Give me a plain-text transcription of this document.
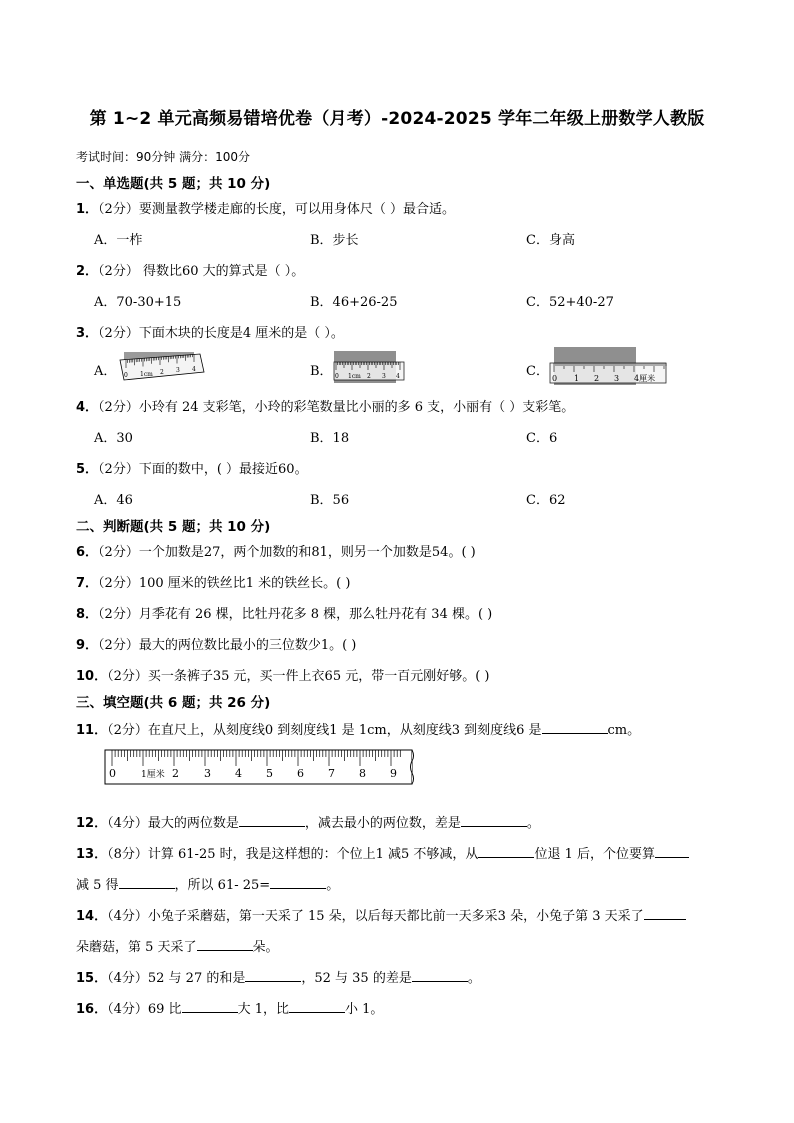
第 1~2 单元高频易错培优卷（月考）-2024-2025 学年二年级上册数学人教版
考试时间：90分钟 满分：100分
一、单选题(共 5 题；共 10 分)
1．（2分）要测量教学楼走廊的长度，可以用身体尺（ ）最合适。
A．一柞	B．步长	C．身高
2．（2分） 得数比60 大的算式是（ ）。
A．70-30+15	B．46+26-25	C．52+40-27
3．（2分）下面木块的长度是4 厘米的是（ ）。
A． 0 1cm 2 3 4	B． 0 1cm 2 3 4	C． 0 1 2 3 4厘米
4．（2分）小玲有 24 支彩笔，小玲的彩笔数量比小丽的多 6 支，小丽有（ ）支彩笔。
A．30	B．18	C．6
5．（2分）下面的数中，( ）最接近60。
A．46	B．56	C．62
二、判断题(共 5 题；共 10 分)
6．（2分）一个加数是27，两个加数的和81，则另一个加数是54。( )
7．（2分）100 厘米的铁丝比1 米的铁丝长。( )
8．（2分）月季花有 26 棵，比牡丹花多 8 棵，那么牡丹花有 34 棵。( )
9．（2分）最大的两位数比最小的三位数少1。( )
10．（2分）买一条裤子35 元，买一件上衣65 元，带一百元刚好够。( )
三、填空题(共 6 题；共 26 分)
11．（2分）在直尺上，从刻度线0 到刻度线1 是 1cm，从刻度线3 到刻度线6 是	cm。
0	1厘米 2 3 4 5 6 7 8 9
12．（4分）最大的两位数是	，减去最小的两位数，差是	。
13．（8分）计算 61-25 时，我是这样想的：个位上1 减5 不够减，从	位退 1 后，个位要算
减 5 得	，所以 61- 25=	。
14．（4分）小兔子采蘑菇，第一天采了 15 朵，以后每天都比前一天多采3 朵，小兔子第 3 天采了
朵蘑菇，第 5 天采了	朵。
15．（4分）52 与 27 的和是	，52 与 35 的差是	。
16．（4分）69 比	大 1，比	小 1。
